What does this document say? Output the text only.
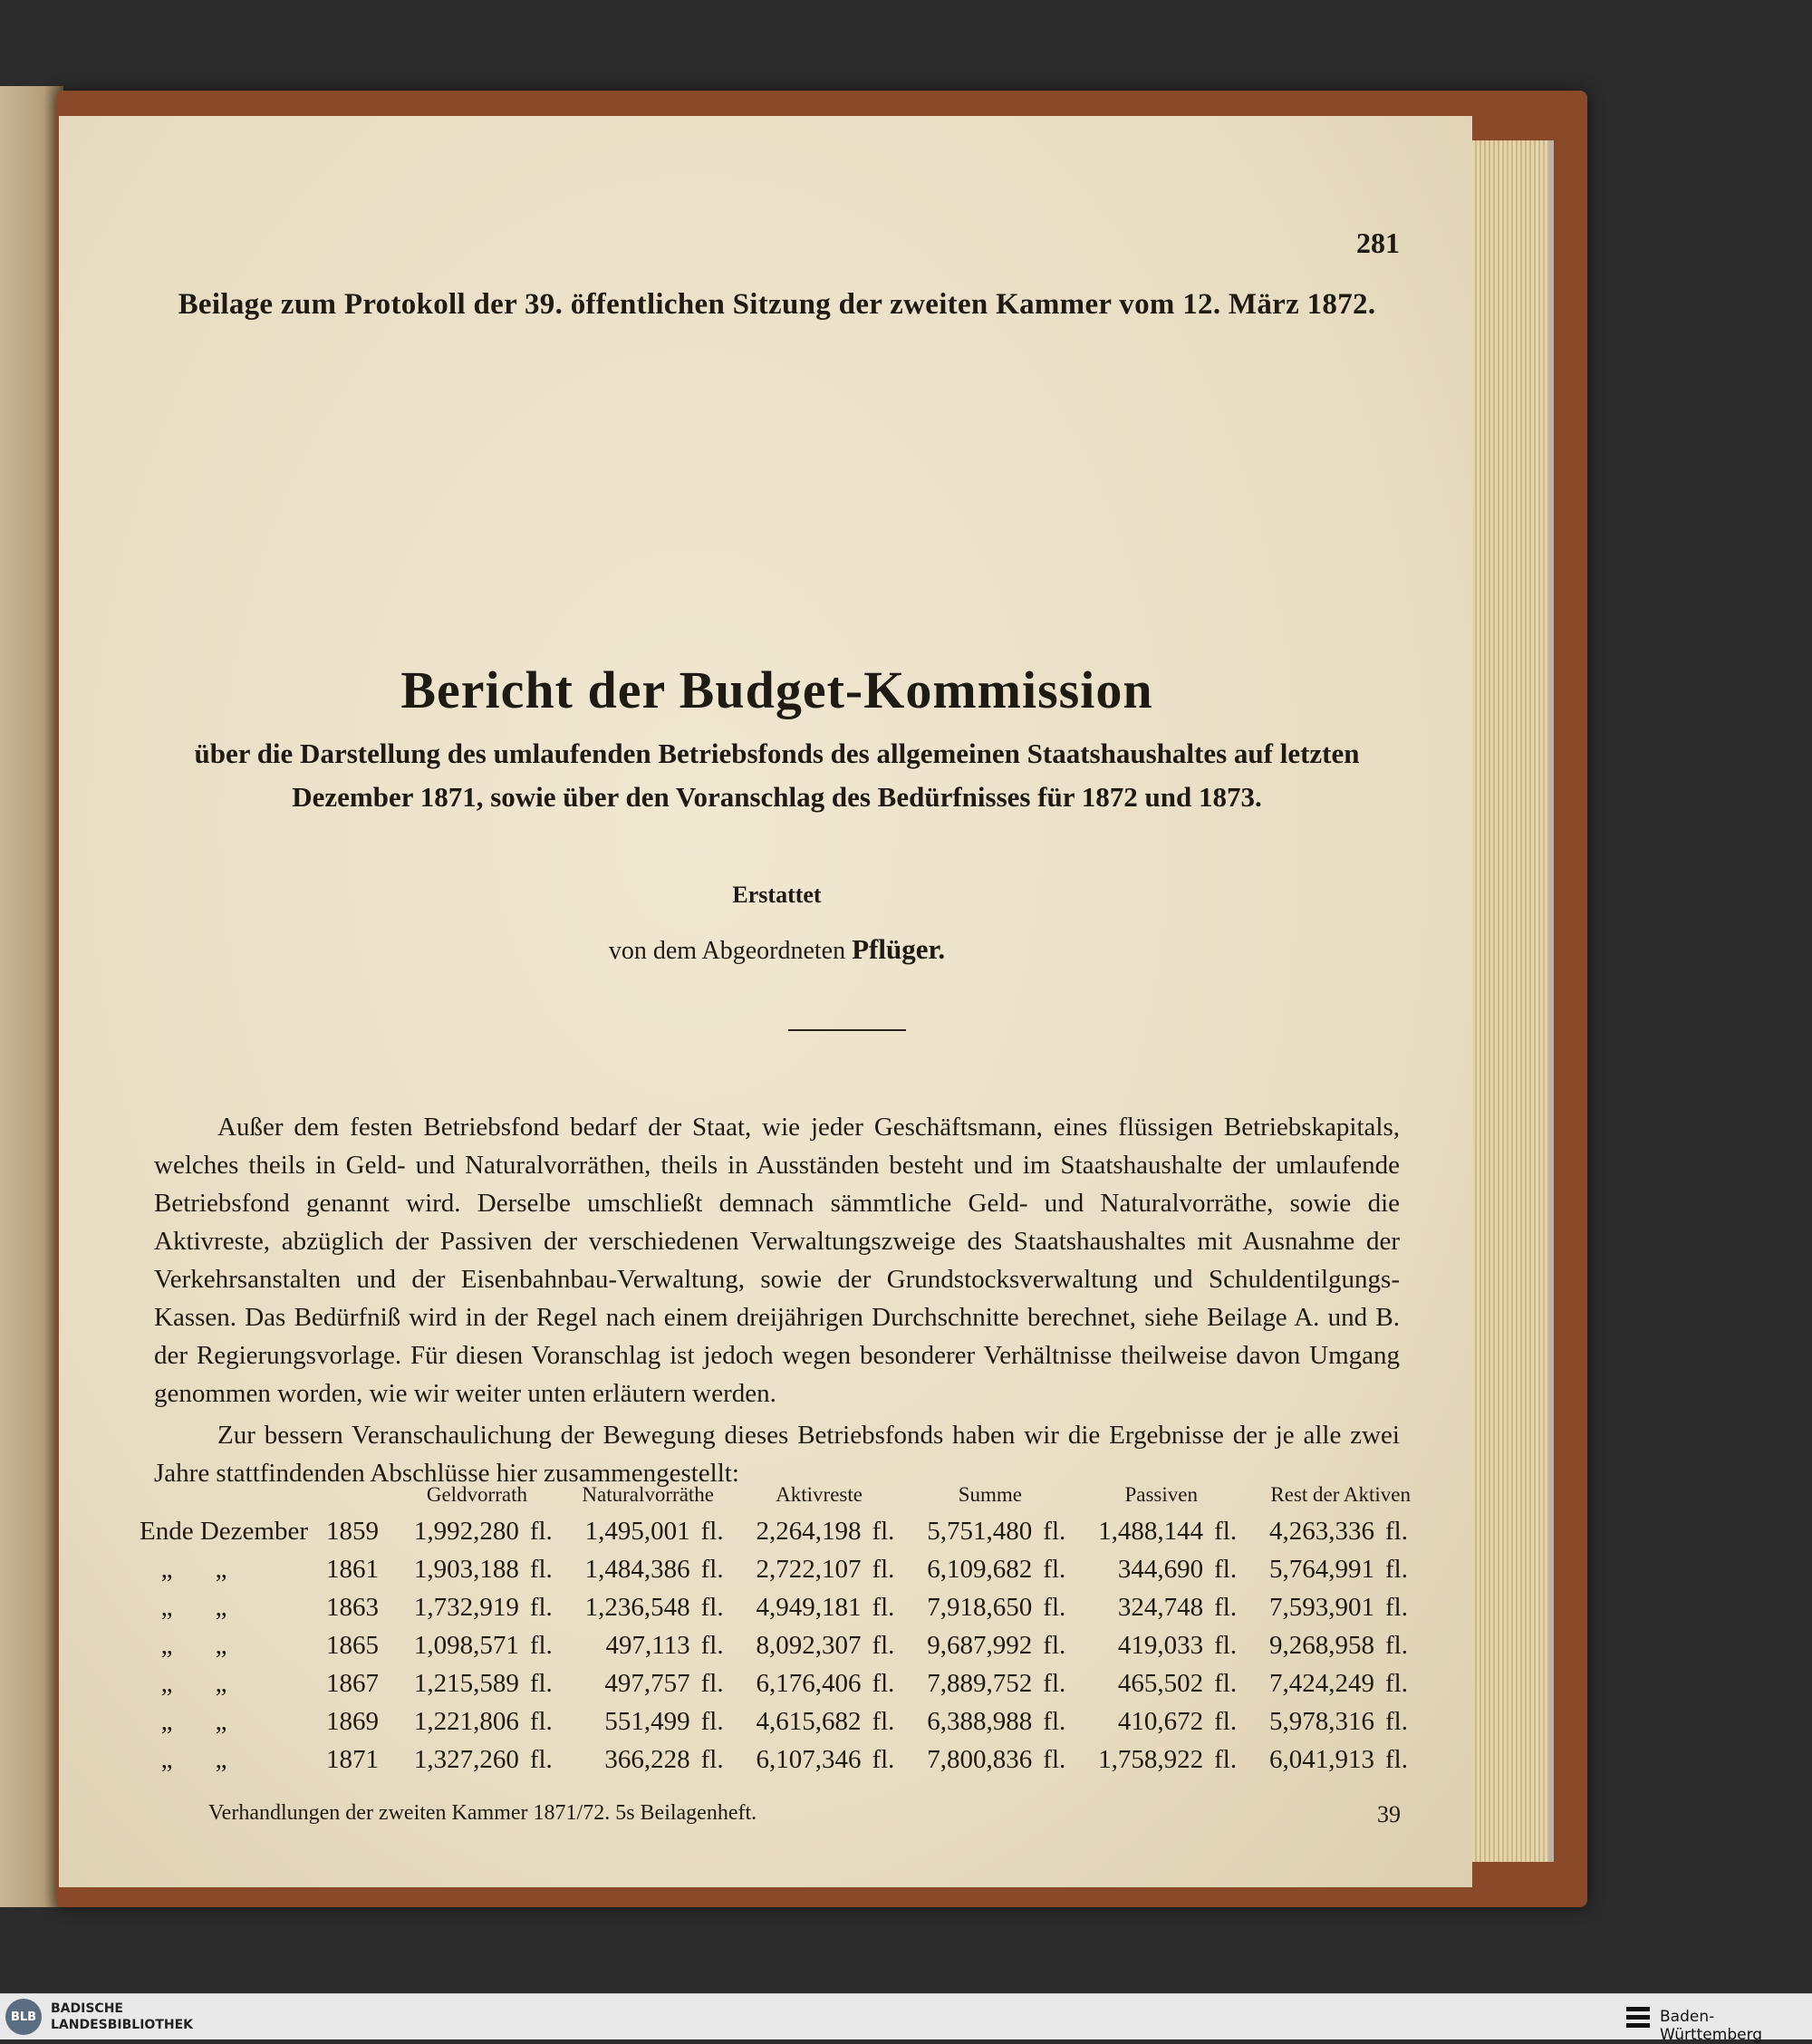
281
Beilage zum Protokoll der 39. öffentlichen Sitzung der zweiten Kammer vom 12. März 1872.
Bericht der Budget-Kommission
über die Darstellung des umlaufenden Betriebsfonds des allgemeinen Staatshaushaltes auf letzten
Dezember 1871, sowie über den Voranschlag des Bedürfnisses für 1872 und 1873.
Erstattet
von dem Abgeordneten Pflüger.

Außer dem festen Betriebsfond bedarf der Staat, wie jeder Geschäftsmann, eines flüssigen Betriebskapitals, welches theils in Geld- und Naturalvorräthen, theils in Ausständen besteht und im Staatshaushalte der umlaufende Betriebsfond genannt wird. Derselbe umschließt demnach sämmtliche Geld- und Naturalvorräthe, sowie die Aktivreste, abzüglich der Passiven der verschiedenen Verwaltungszweige des Staatshaushaltes mit Ausnahme der Verkehrsanstalten und der Eisenbahnbau-Verwaltung, sowie der Grundstocksverwaltung und Schuldentilgungs-Kassen. Das Bedürfniß wird in der Regel nach einem dreijährigen Durchschnitte berechnet, siehe Beilage A. und B. der Regierungsvorlage. Für diesen Voranschlag ist jedoch wegen besonderer Verhältnisse theilweise davon Umgang genommen worden, wie wir weiter unten erläutern werden.

Zur bessern Veranschaulichung der Bewegung dieses Betriebsfonds haben wir die Ergebnisse der je alle zwei Jahre stattfindenden Abschlüsse hier zusammengestellt:

		Geldvorrath		Naturalvorräthe		Aktivreste		Summe		Passiven		Rest der Aktiven	
Ende Dezember	1859	1,992,280	fl.	1,495,001	fl.	2,264,198	fl.	5,751,480	fl.	1,488,144	fl.	4,263,336	fl.
„ „	1861	1,903,188	fl.	1,484,386	fl.	2,722,107	fl.	6,109,682	fl.	344,690	fl.	5,764,991	fl.
„ „	1863	1,732,919	fl.	1,236,548	fl.	4,949,181	fl.	7,918,650	fl.	324,748	fl.	7,593,901	fl.
„ „	1865	1,098,571	fl.	497,113	fl.	8,092,307	fl.	9,687,992	fl.	419,033	fl.	9,268,958	fl.
„ „	1867	1,215,589	fl.	497,757	fl.	6,176,406	fl.	7,889,752	fl.	465,502	fl.	7,424,249	fl.
„ „	1869	1,221,806	fl.	551,499	fl.	4,615,682	fl.	6,388,988	fl.	410,672	fl.	5,978,316	fl.
„ „	1871	1,327,260	fl.	366,228	fl.	6,107,346	fl.	7,800,836	fl.	1,758,922	fl.	6,041,913	fl.
Verhandlungen der zweiten Kammer 1871/72. 5s Beilagenheft.	39
BLB
BADISCHE
LANDESBIBLIOTHEK	Baden-Württemberg
